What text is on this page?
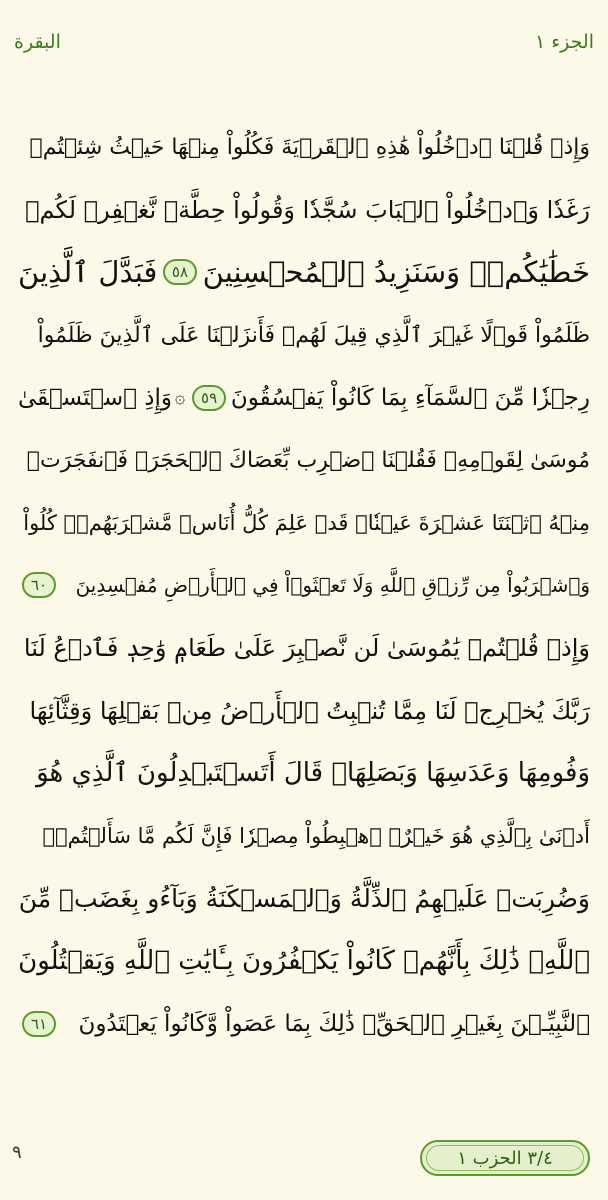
الجزء ١
البقرة
وَإِذۡ قُلۡنَا ٱدۡخُلُواْ هَٰذِهِ ٱلۡقَرۡيَةَ فَكُلُواْ مِنۡهَا حَيۡثُ شِئۡتُمۡ
رَغَدٗا وَٱدۡخُلُواْ ٱلۡبَابَ سُجَّدٗا وَقُولُواْ حِطَّةٞ نَّغۡفِرۡ لَكُمۡ
خَطَٰيَٰكُمۡۚ وَسَنَزِيدُ ٱلۡمُحۡسِنِينَ
٥٨
فَبَدَّلَ ٱلَّذِينَ
ظَلَمُواْ قَوۡلًا غَيۡرَ ٱلَّذِي قِيلَ لَهُمۡ فَأَنزَلۡنَا عَلَى ٱلَّذِينَ ظَلَمُواْ
رِجۡزٗا مِّنَ ٱلسَّمَآءِ بِمَا كَانُواْ يَفۡسُقُونَ
٥٩
۞
وَإِذِ ٱسۡتَسۡقَىٰ
مُوسَىٰ لِقَوۡمِهِۦ فَقُلۡنَا ٱضۡرِب بِّعَصَاكَ ٱلۡحَجَرَۖ فَٱنفَجَرَتۡ
مِنۡهُ ٱثۡنَتَا عَشۡرَةَ عَيۡنٗاۖ قَدۡ عَلِمَ كُلُّ أُنَاسٖ مَّشۡرَبَهُمۡۖ كُلُواْ
وَٱشۡرَبُواْ مِن رِّزۡقِ ٱللَّهِ وَلَا تَعۡثَوۡاْ فِي ٱلۡأَرۡضِ مُفۡسِدِينَ
٦٠
وَإِذۡ قُلۡتُمۡ يَٰمُوسَىٰ لَن نَّصۡبِرَ عَلَىٰ طَعَامٖ وَٰحِدٖ فَٱدۡعُ لَنَا
رَبَّكَ يُخۡرِجۡ لَنَا مِمَّا تُنۢبِتُ ٱلۡأَرۡضُ مِنۢ بَقۡلِهَا وَقِثَّآئِهَا
وَفُومِهَا وَعَدَسِهَا وَبَصَلِهَاۖ قَالَ أَتَسۡتَبۡدِلُونَ ٱلَّذِي هُوَ
أَدۡنَىٰ بِٱلَّذِي هُوَ خَيۡرٌۚ ٱهۡبِطُواْ مِصۡرٗا فَإِنَّ لَكُم مَّا سَأَلۡتُمۡۗ
وَضُرِبَتۡ عَلَيۡهِمُ ٱلذِّلَّةُ وَٱلۡمَسۡكَنَةُ وَبَآءُو بِغَضَبٖ مِّنَ
ٱللَّهِۗ ذَٰلِكَ بِأَنَّهُمۡ كَانُواْ يَكۡفُرُونَ بِـَٔايَٰتِ ٱللَّهِ وَيَقۡتُلُونَ
ٱلنَّبِيِّـۧنَ بِغَيۡرِ ٱلۡحَقِّۗ ذَٰلِكَ بِمَا عَصَواْ وَّكَانُواْ يَعۡتَدُونَ
٦١
٩	٣/٤ الحزب ١
